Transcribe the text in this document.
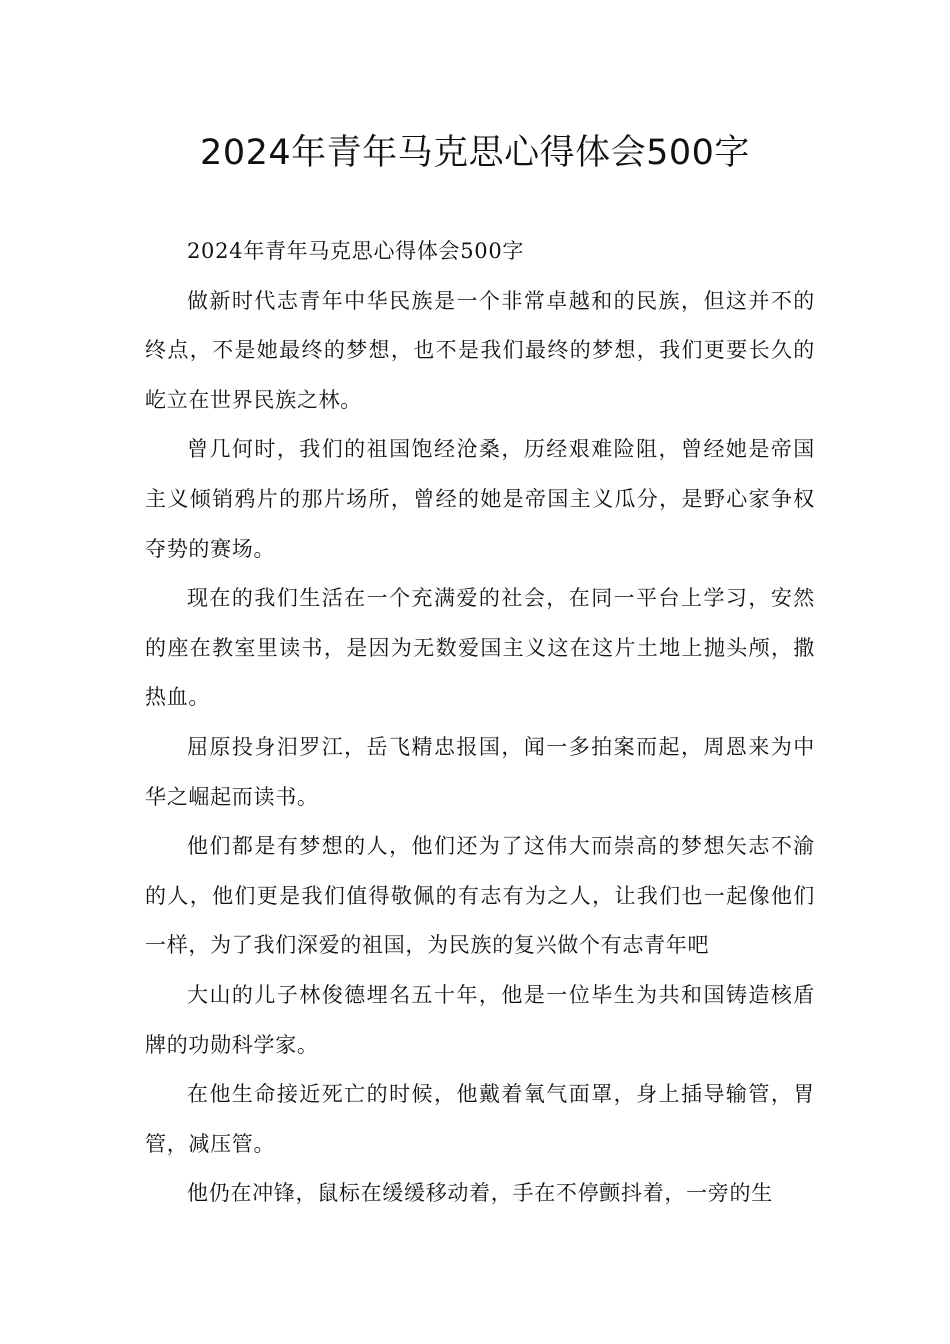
2024年青年马克思心得体会500字

2024年青年马克思心得体会500字

做新时代志青年中华民族是一个非常卓越和的民族，但这并不的终点，不是她最终的梦想，也不是我们最终的梦想，我们更要长久的屹立在世界民族之林。

曾几何时，我们的祖国饱经沧桑，历经艰难险阻，曾经她是帝国主义倾销鸦片的那片场所，曾经的她是帝国主义瓜分，是野心家争权夺势的赛场。

现在的我们生活在一个充满爱的社会，在同一平台上学习，安然的座在教室里读书，是因为无数爱国主义这在这片土地上抛头颅，撒热血。

屈原投身汨罗江，岳飞精忠报国，闻一多拍案而起，周恩来为中华之崛起而读书。

他们都是有梦想的人，他们还为了这伟大而崇高的梦想矢志不渝的人，他们更是我们值得敬佩的有志有为之人，让我们也一起像他们一样，为了我们深爱的祖国，为民族的复兴做个有志青年吧

大山的儿子林俊德埋名五十年，他是一位毕生为共和国铸造核盾牌的功勋科学家。

在他生命接近死亡的时候，他戴着氧气面罩，身上插导输管，胃管，减压管。

他仍在冲锋，鼠标在缓缓移动着，手在不停颤抖着，一旁的生
